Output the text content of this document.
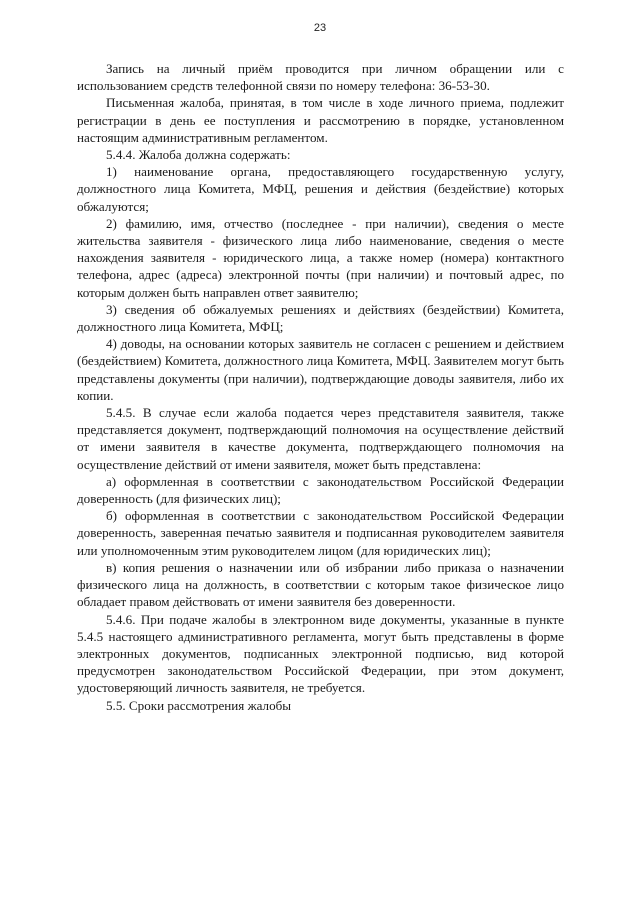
23

Запись на личный приём проводится при личном обращении или с использованием средств телефонной связи по номеру телефона: 36-53-30.

Письменная жалоба, принятая, в том числе в ходе личного приема, подлежит регистрации в день ее поступления и рассмотрению в порядке, установленном настоящим административным регламентом.

5.4.4. Жалоба должна содержать:

1) наименование органа, предоставляющего государственную услугу, должностного лица Комитета, МФЦ, решения и действия (бездействие) которых обжалуются;

2) фамилию, имя, отчество (последнее - при наличии), сведения о месте жительства заявителя - физического лица либо наименование, сведения о месте нахождения заявителя - юридического лица, а также номер (номера) контактного телефона, адрес (адреса) электронной почты (при наличии) и почтовый адрес, по которым должен быть направлен ответ заявителю;

3) сведения об обжалуемых решениях и действиях (бездействии) Комитета, должностного лица Комитета, МФЦ;

4) доводы, на основании которых заявитель не согласен с решением и действием (бездействием) Комитета, должностного лица Комитета, МФЦ. Заявителем могут быть представлены документы (при наличии), подтверждающие доводы заявителя, либо их копии.

5.4.5. В случае если жалоба подается через представителя заявителя, также представляется документ, подтверждающий полномочия на осуществление действий от имени заявителя в качестве документа, подтверждающего полномочия на осуществление действий от имени заявителя, может быть представлена:

а) оформленная в соответствии с законодательством Российской Федерации доверенность (для физических лиц);

б) оформленная в соответствии с законодательством Российской Федерации доверенность, заверенная печатью заявителя и подписанная руководителем заявителя или уполномоченным этим руководителем лицом (для юридических лиц);

в) копия решения о назначении или об избрании либо приказа о назначении физического лица на должность, в соответствии с которым такое физическое лицо обладает правом действовать от имени заявителя без доверенности.

5.4.6. При подаче жалобы в электронном виде документы, указанные в пункте 5.4.5 настоящего административного регламента, могут быть представлены в форме электронных документов, подписанных электронной подписью, вид которой предусмотрен законодательством Российской Федерации, при этом документ, удостоверяющий личность заявителя, не требуется.

5.5. Сроки рассмотрения жалобы
